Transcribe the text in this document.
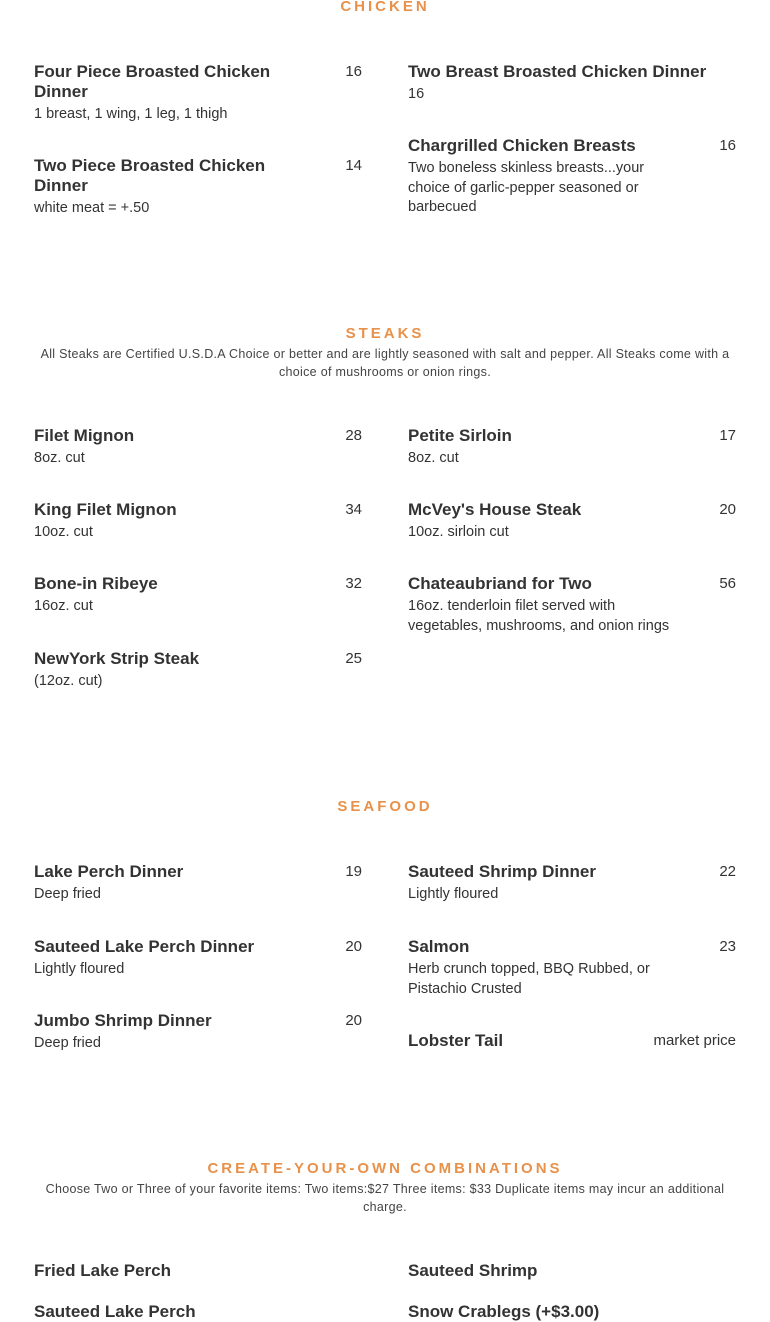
CHICKEN
Four Piece Broasted Chicken Dinner
16
1 breast, 1 wing, 1 leg, 1 thigh
Two Piece Broasted Chicken Dinner
14
white meat = +.50
Two Breast Broasted Chicken Dinner
16
Chargrilled Chicken Breasts	16
Two boneless skinless breasts...your choice of garlic-pepper seasoned or barbecued
STEAKS
All Steaks are Certified U.S.D.A Choice or better and are lightly seasoned with salt and pepper. All Steaks come with a choice of mushrooms or onion rings.
Filet Mignon	28
8oz. cut
King Filet Mignon	34
10oz. cut
Bone-in Ribeye	32
16oz. cut
NewYork Strip Steak	25
(12oz. cut)
Petite Sirloin	17
8oz. cut
McVey's House Steak	20
10oz. sirloin cut
Chateaubriand for Two	56
16oz. tenderloin filet served with vegetables, mushrooms, and onion rings
SEAFOOD
Lake Perch Dinner	19
Deep fried
Sauteed Lake Perch Dinner	20
Lightly floured
Jumbo Shrimp Dinner	20
Deep fried
Sauteed Shrimp Dinner	22
Lightly floured
Salmon	23
Herb crunch topped, BBQ Rubbed, or Pistachio Crusted
Lobster Tail	market price
CREATE-YOUR-OWN COMBINATIONS
Choose Two or Three of your favorite items: Two items:$27 Three items: $33 Duplicate items may incur an additional charge.
Fried Lake Perch	Sauteed Shrimp
Sauteed Lake Perch	Snow Crablegs (+$3.00)
